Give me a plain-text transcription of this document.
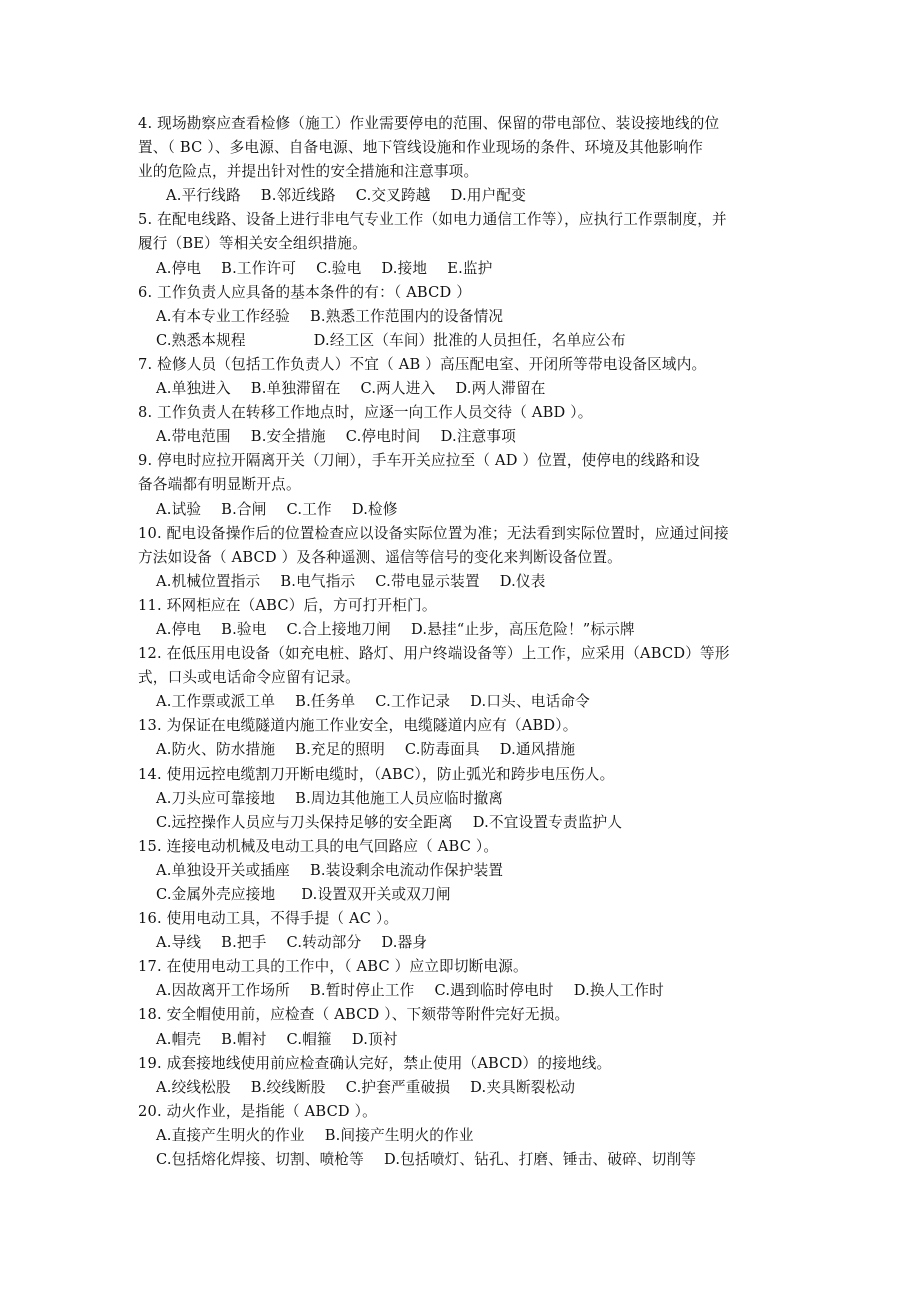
4. 现场勘察应查看检修（施工）作业需要停电的范围、保留的带电部位、装设接地线的位
置、（ BC ）、多电源、自备电源、地下管线设施和作业现场的条件、环境及其他影响作
业的危险点，并提出针对性的安全措施和注意事项。
A.平行线路 B.邻近线路 C.交叉跨越 D.用户配变
5. 在配电线路、设备上进行非电气专业工作（如电力通信工作等），应执行工作票制度，并
履行（BE）等相关安全组织措施。
A.停电 B.工作许可 C.验电 D.接地 E.监护
6. 工作负责人应具备的基本条件的有：（ ABCD ）
A.有本专业工作经验 B.熟悉工作范围内的设备情况
C.熟悉本规程	D.经工区（车间）批准的人员担任，名单应公布
7. 检修人员（包括工作负责人）不宜（ AB ）高压配电室、开闭所等带电设备区域内。
A.单独进入 B.单独滞留在 C.两人进入 D.两人滞留在
8. 工作负责人在转移工作地点时，应逐一向工作人员交待（ ABD ）。
A.带电范围 B.安全措施 C.停电时间 D.注意事项
9. 停电时应拉开隔离开关（刀闸），手车开关应拉至（ AD ）位置，使停电的线路和设
备各端都有明显断开点。
A.试验 B.合闸 C.工作 D.检修
10. 配电设备操作后的位置检查应以设备实际位置为准；无法看到实际位置时，应通过间接
方法如设备（ ABCD ）及各种遥测、遥信等信号的变化来判断设备位置。
A.机械位置指示 B.电气指示 C.带电显示装置 D.仪表
11. 环网柜应在（ABC）后，方可打开柜门。
A.停电 B.验电 C.合上接地刀闸 D.悬挂“止步，高压危险！”标示牌
12. 在低压用电设备（如充电桩、路灯、用户终端设备等）上工作，应采用（ABCD）等形
式，口头或电话命令应留有记录。
A.工作票或派工单 B.任务单 C.工作记录 D.口头、电话命令
13. 为保证在电缆隧道内施工作业安全，电缆隧道内应有（ABD）。
A.防火、防水措施 B.充足的照明 C.防毒面具 D.通风措施
14. 使用远控电缆割刀开断电缆时，（ABC），防止弧光和跨步电压伤人。
A.刀头应可靠接地 B.周边其他施工人员应临时撤离
C.远控操作人员应与刀头保持足够的安全距离 D.不宜设置专责监护人
15. 连接电动机械及电动工具的电气回路应（ ABC ）。
A.单独设开关或插座 B.装设剩余电流动作保护装置
C.金属外壳应接地 D.设置双开关或双刀闸
16. 使用电动工具，不得手提（ AC ）。
A.导线 B.把手 C.转动部分 D.器身
17. 在使用电动工具的工作中，（ ABC ）应立即切断电源。
A.因故离开工作场所 B.暂时停止工作 C.遇到临时停电时 D.换人工作时
18. 安全帽使用前，应检查（ ABCD ）、下颏带等附件完好无损。
A.帽壳 B.帽衬 C.帽箍 D.顶衬
19. 成套接地线使用前应检查确认完好，禁止使用（ABCD）的接地线。
A.绞线松股 B.绞线断股 C.护套严重破损 D.夹具断裂松动
20. 动火作业，是指能（ ABCD ）。
A.直接产生明火的作业 B.间接产生明火的作业
C.包括熔化焊接、切割、喷枪等 D.包括喷灯、钻孔、打磨、锤击、破碎、切削等
